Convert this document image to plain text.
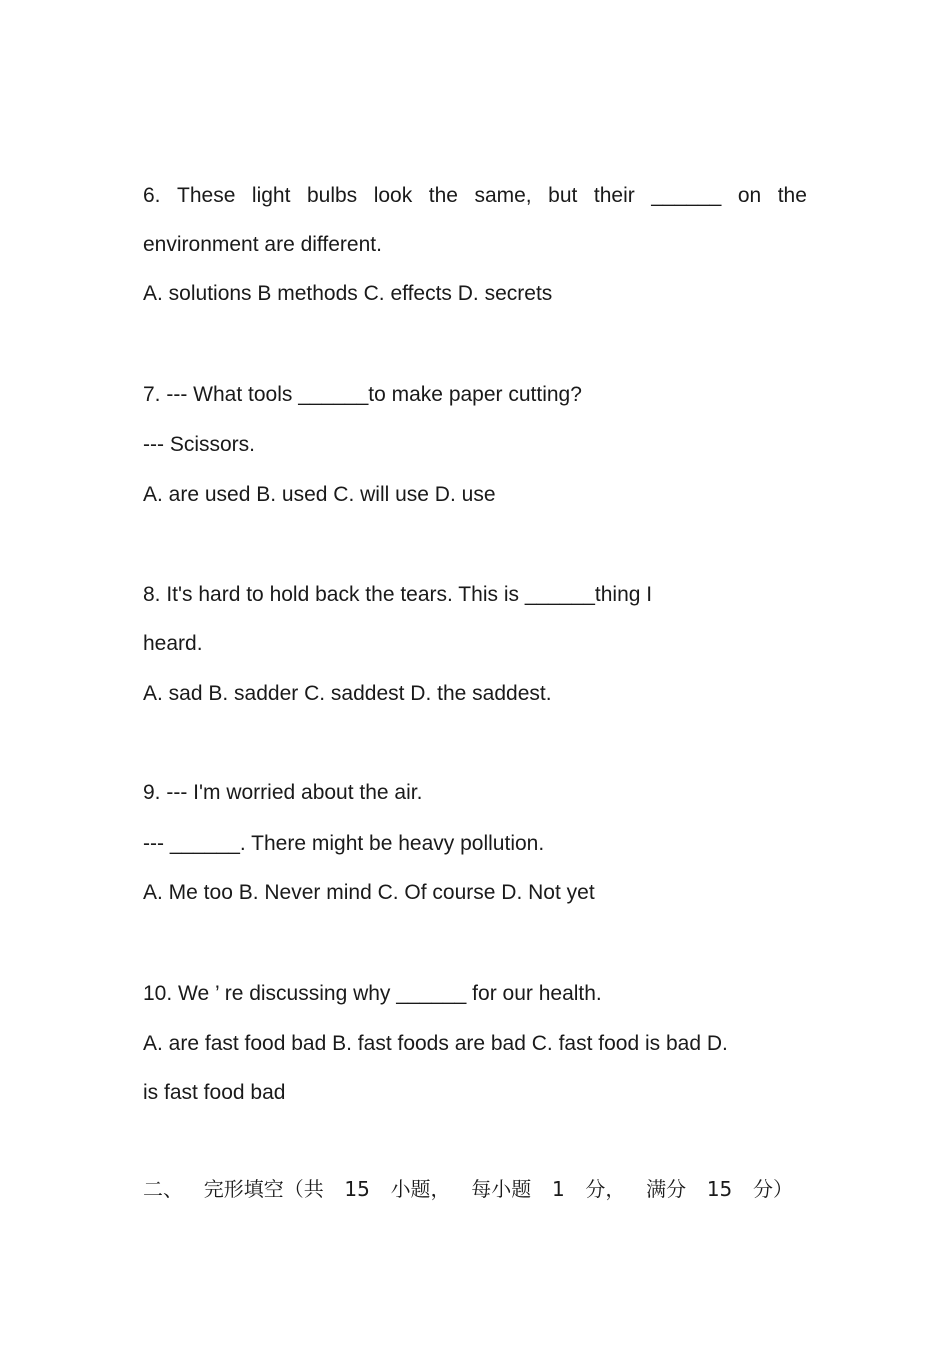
6. These light bulbs look the same, but their ______ on the
environment are different.
A. solutions B methods C. effects D. secrets
7. --- What tools ______to make paper cutting?
--- Scissors.
A. are used B. used C. will use D. use
8. It's hard to hold back the tears. This is ______thing I
heard.
A. sad B. sadder C. saddest D. the saddest.
9. --- I'm worried about the air.
--- ______. There might be heavy pollution.
A. Me too B. Never mind C. Of course D. Not yet
10. We ’ re discussing why ______ for our health.
A. are fast food bad B. fast foods are bad C. fast food is bad D.
is fast food bad
二、 完形填空（共 15 小题， 每小题 1 分， 满分 15 分）
